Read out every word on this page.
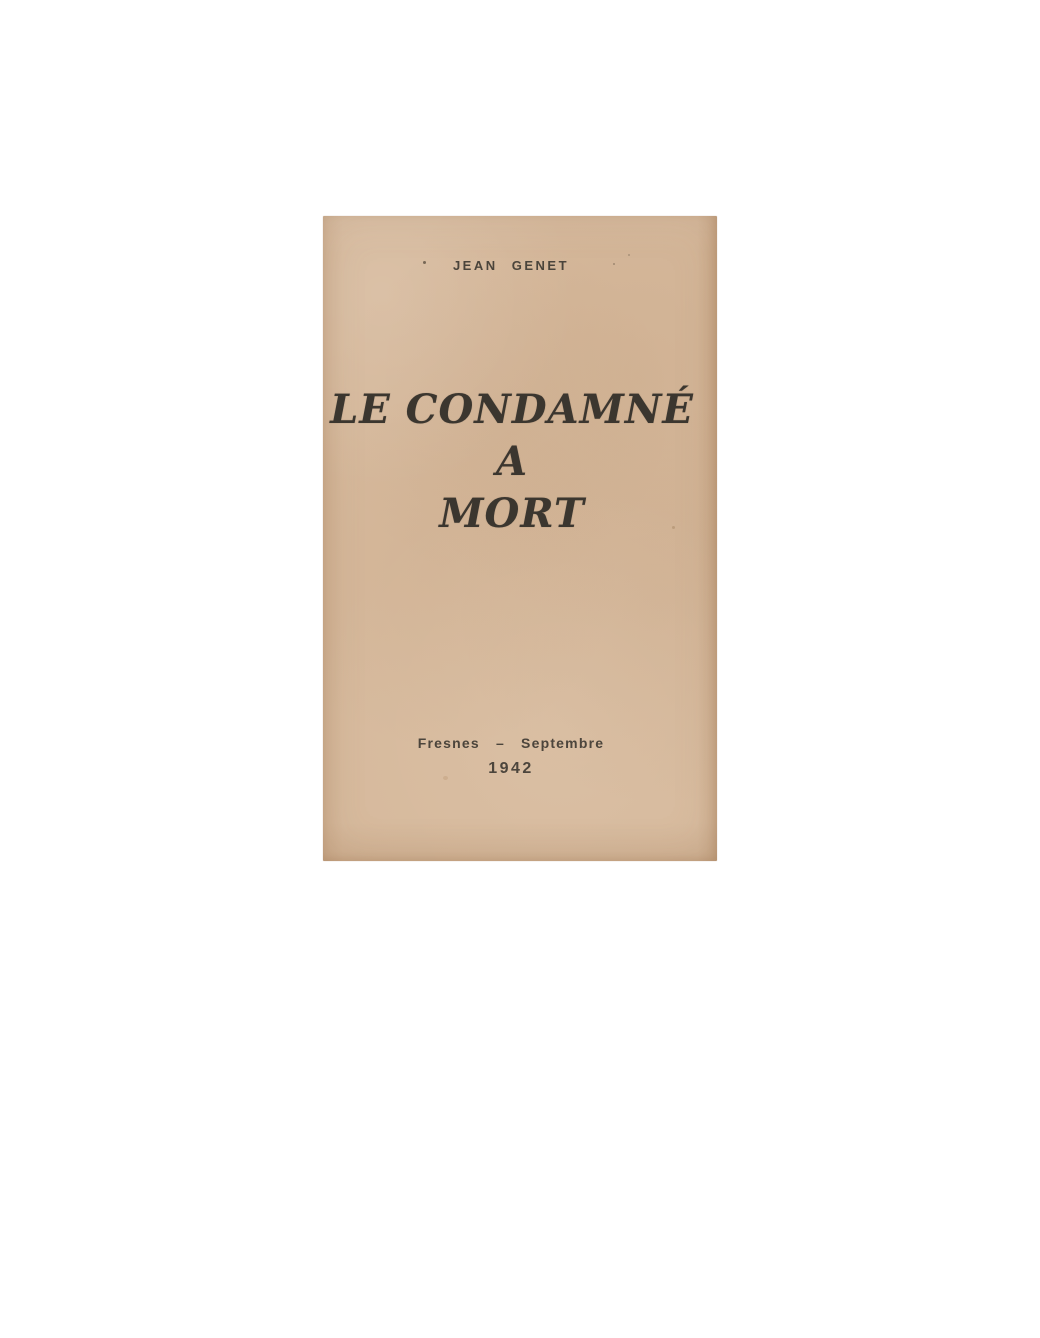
JEAN GENET
LE CONDAMNÉ
A
MORT
Fresnes – Septembre
1942
